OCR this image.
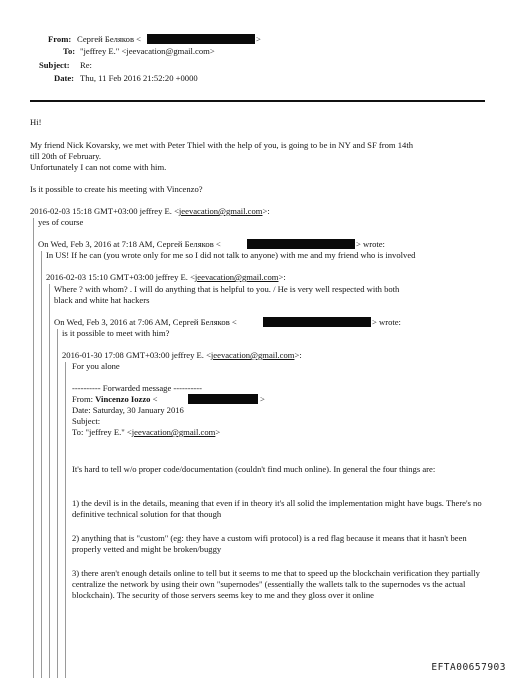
From: Сергей Беляков <	>
To: "jeffrey E." <jeevacation@gmail.com>
Subject: Re:
Date: Thu, 11 Feb 2016 21:52:20 +0000
Hi!
My friend Nick Kovarsky, we met with Peter Thiel with the help of you, is going to be in NY and SF from 14th
till 20th of February.
Unfortunately I can not come with him.
Is it possible to create his meeting with Vincenzo?
2016-02-03 15:18 GMT+03:00 jeffrey E. <jeevacation@gmail.com>:
yes of course
On Wed, Feb 3, 2016 at 7:18 AM, Сергей Беляков <	> wrote:
In US! If he can (you wrote only for me so I did not talk to anyone) with me and my friend who is involved
2016-02-03 15:10 GMT+03:00 jeffrey E. <jeevacation@gmail.com>:
Where ? with whom? . I will do anything that is helpful to you. / He is very well respected with both
black and white hat hackers
On Wed, Feb 3, 2016 at 7:06 AM, Сергей Беляков <	> wrote:
is it possible to meet with him?
2016-01-30 17:08 GMT+03:00 jeffrey E. <jeevacation@gmail.com>:
For you alone
---------- Forwarded message ----------
From: Vincenzo Iozzo <	>
Date: Saturday, 30 January 2016
Subject:
To: "jeffrey E." <jeevacation@gmail.com>
It's hard to tell w/o proper code/documentation (couldn't find much online). In general the four things are:
1) the devil is in the details, meaning that even if in theory it's all solid the implementation might have bugs. There's no definitive technical solution for that though
2) anything that is "custom" (eg: they have a custom wifi protocol) is a red flag because it means that it hasn't been properly vetted and might be broken/buggy
3) there aren't enough details online to tell but it seems to me that to speed up the blockchain verification they partially centralize the network by using their own "supernodes" (essentially the wallets talk to the supernodes vs the actual blockchain). The security of those servers seems key to me and they gloss over it online
EFTA00657903
